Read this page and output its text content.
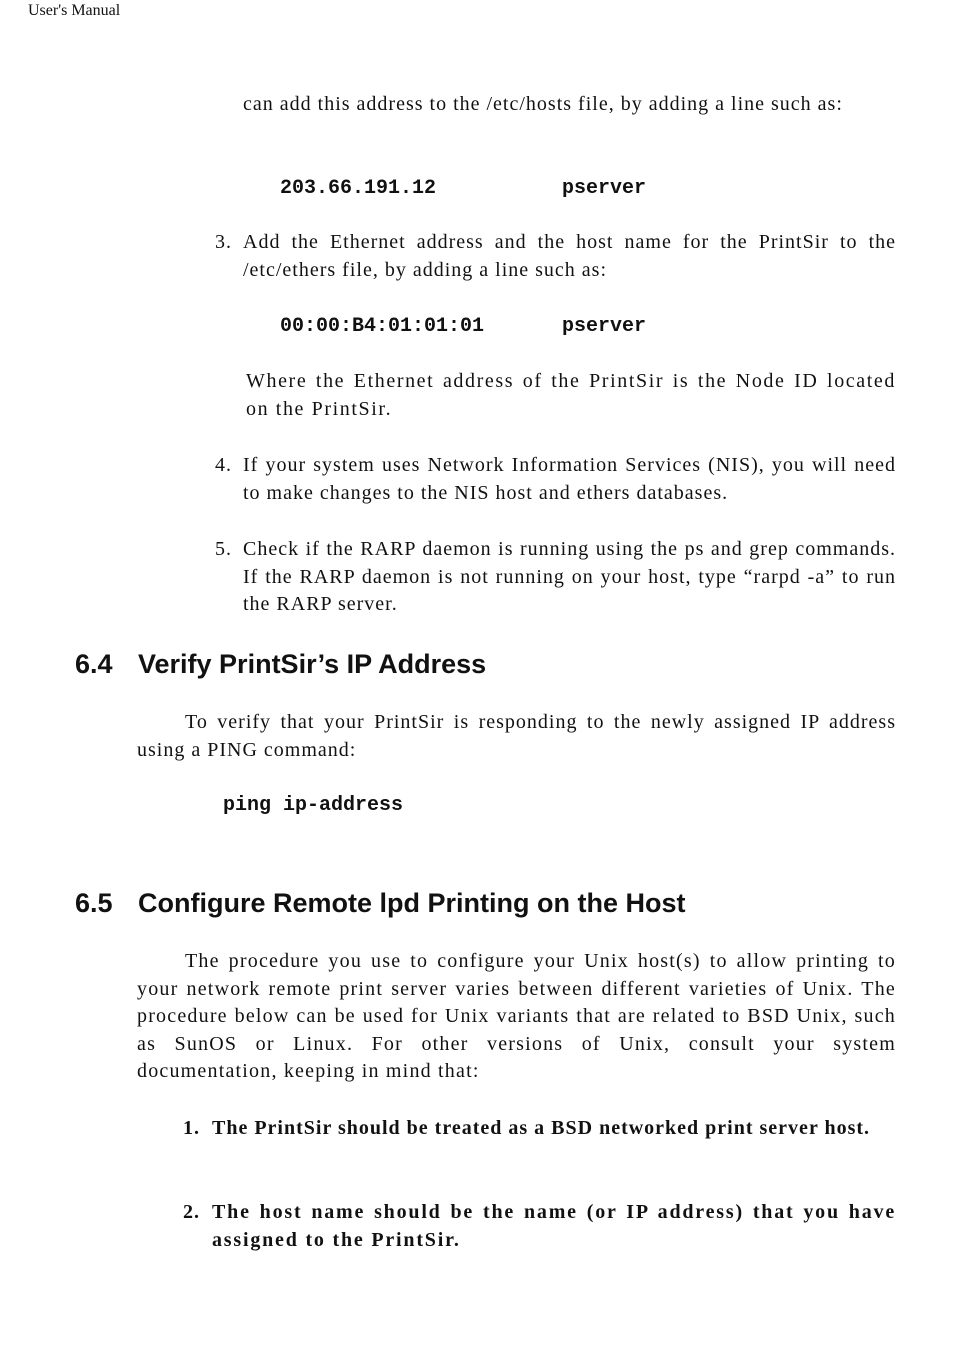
User's Manual

can add this address to the /etc/hosts file, by adding a line such as:

203.66.191.12	pserver
3. Add the Ethernet address and the host name for the PrintSir to the /etc/ethers file, by adding a line such as:

00:00:B4:01:01:01	pserver

Where the Ethernet address of the PrintSir is the Node ID located on the PrintSir.

4. If your system uses Network Information Services (NIS), you will need to make changes to the NIS host and ethers databases.

5. Check if the RARP daemon is running using the ps and grep commands. If the RARP daemon is not running on your host, type “rarpd -a” to run the RARP server.

6.4 Verify PrintSir’s IP Address

To verify that your PrintSir is responding to the newly assigned IP address using a PING command:

ping ip-address
6.5 Configure Remote lpd Printing on the Host

The procedure you use to configure your Unix host(s) to allow printing to your network remote print server varies between different varieties of Unix. The procedure below can be used for Unix variants that are related to BSD Unix, such as SunOS or Linux. For other versions of Unix, consult your system documentation, keeping in mind that:

1. The PrintSir should be treated as a BSD networked print server host.

2. The host name should be the name (or IP address) that you have assigned to the PrintSir.
